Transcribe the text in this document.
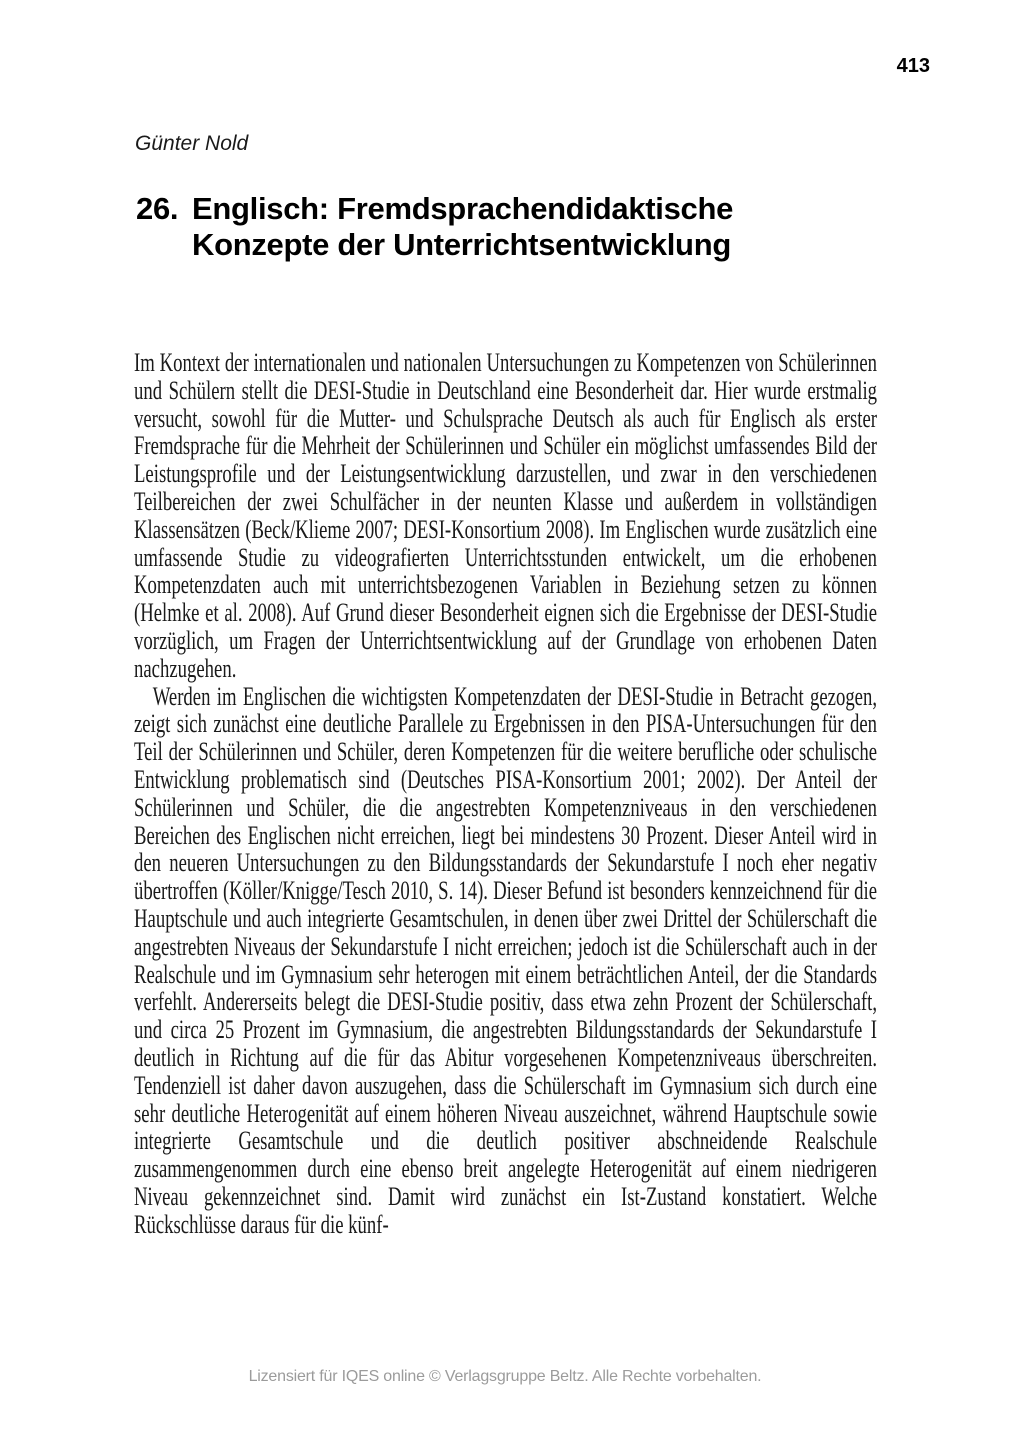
413
Günter Nold
26. Englisch: Fremdsprachendidaktische
Konzepte der Unterrichtsentwicklung

Im Kontext der internationalen und nationalen Untersuchungen zu Kompetenzen von Schülerinnen und Schülern stellt die DESI-Studie in Deutschland eine Besonderheit dar. Hier wurde erstmalig versucht, sowohl für die Mutter- und Schulsprache Deutsch als auch für Englisch als erster Fremdsprache für die Mehrheit der Schülerinnen und Schüler ein möglichst umfassendes Bild der Leistungsprofile und der Leistungsentwicklung darzustellen, und zwar in den verschiedenen Teilbereichen der zwei Schulfächer in der neunten Klasse und außerdem in vollständigen Klassensätzen (Beck/Klieme 2007; DESI-Konsortium 2008). Im Englischen wurde zusätzlich eine umfassende Studie zu videografierten Unterrichtsstunden entwickelt, um die erhobenen Kompetenzdaten auch mit unterrichtsbezogenen Variablen in Beziehung setzen zu können (Helmke et al. 2008). Auf Grund dieser Besonderheit eignen sich die Ergebnisse der DESI-Studie vorzüglich, um Fragen der Unterrichtsentwicklung auf der Grundlage von erhobenen Daten nachzugehen.

Werden im Englischen die wichtigsten Kompetenzdaten der DESI-Studie in Betracht gezogen, zeigt sich zunächst eine deutliche Parallele zu Ergebnissen in den PISA-Untersuchungen für den Teil der Schülerinnen und Schüler, deren Kompetenzen für die weitere berufliche oder schulische Entwicklung problematisch sind (Deutsches PISA-Konsortium 2001; 2002). Der Anteil der Schülerinnen und Schüler, die die angestrebten Kompetenzniveaus in den verschiedenen Bereichen des Englischen nicht erreichen, liegt bei mindestens 30 Prozent. Dieser Anteil wird in den neueren Untersuchungen zu den Bildungsstandards der Sekundarstufe I noch eher negativ übertroffen (Köller/Knigge/Tesch 2010, S. 14). Dieser Befund ist besonders kennzeichnend für die Hauptschule und auch integrierte Gesamtschulen, in denen über zwei Drittel der Schülerschaft die angestrebten Niveaus der Sekundarstufe I nicht erreichen; jedoch ist die Schülerschaft auch in der Realschule und im Gymnasium sehr heterogen mit einem beträchtlichen Anteil, der die Standards verfehlt. Andererseits belegt die DESI-Studie positiv, dass etwa zehn Prozent der Schülerschaft, und circa 25 Prozent im Gymnasium, die angestrebten Bildungsstandards der Sekundarstufe I deutlich in Richtung auf die für das Abitur vorgesehenen Kompetenzniveaus überschreiten. Tendenziell ist daher davon auszugehen, dass die Schülerschaft im Gymnasium sich durch eine sehr deutliche Heterogenität auf einem höheren Niveau auszeichnet, während Hauptschule sowie integrierte Gesamtschule und die deutlich positiver abschneidende Realschule zusammengenommen durch eine ebenso breit angelegte Heterogenität auf einem niedrigeren Niveau gekennzeichnet sind. Damit wird zunächst ein Ist-Zustand konstatiert. Welche Rückschlüsse daraus für die künf-

Lizensiert für IQES online © Verlagsgruppe Beltz. Alle Rechte vorbehalten.
